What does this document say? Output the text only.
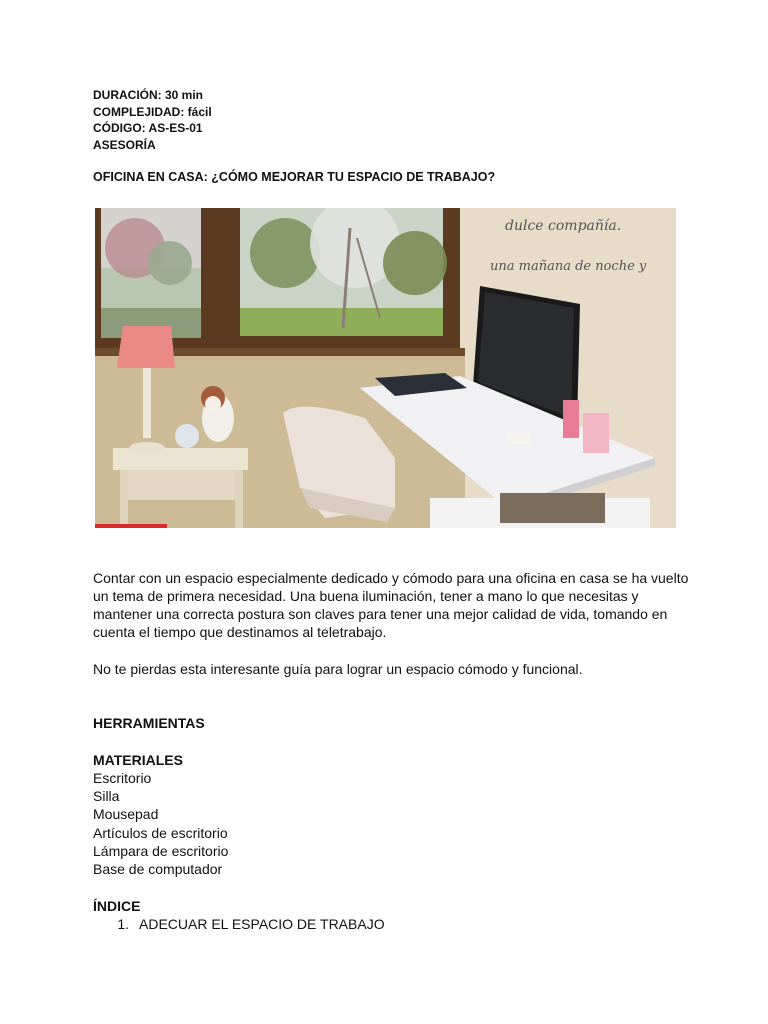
DURACIÓN: 30 min
COMPLEJIDAD: fácil
CÓDIGO: AS-ES-01
ASESORÍA
OFICINA EN CASA: ¿CÓMO MEJORAR TU ESPACIO DE TRABAJO?
dulce compañía.
una mañana de noche y
Contar con un espacio especialmente dedicado y cómodo para una oficina en casa se ha vuelto un tema de primera necesidad. Una buena iluminación, tener a mano lo que necesitas y mantener una correcta postura son claves para tener una mejor calidad de vida, tomando en cuenta el tiempo que destinamos al teletrabajo.
No te pierdas esta interesante guía para lograr un espacio cómodo y funcional.
HERRAMIENTAS
MATERIALES
Escritorio
Silla
Mousepad
Artículos de escritorio
Lámpara de escritorio
Base de computador
ÍNDICE
1. ADECUAR EL ESPACIO DE TRABAJO
